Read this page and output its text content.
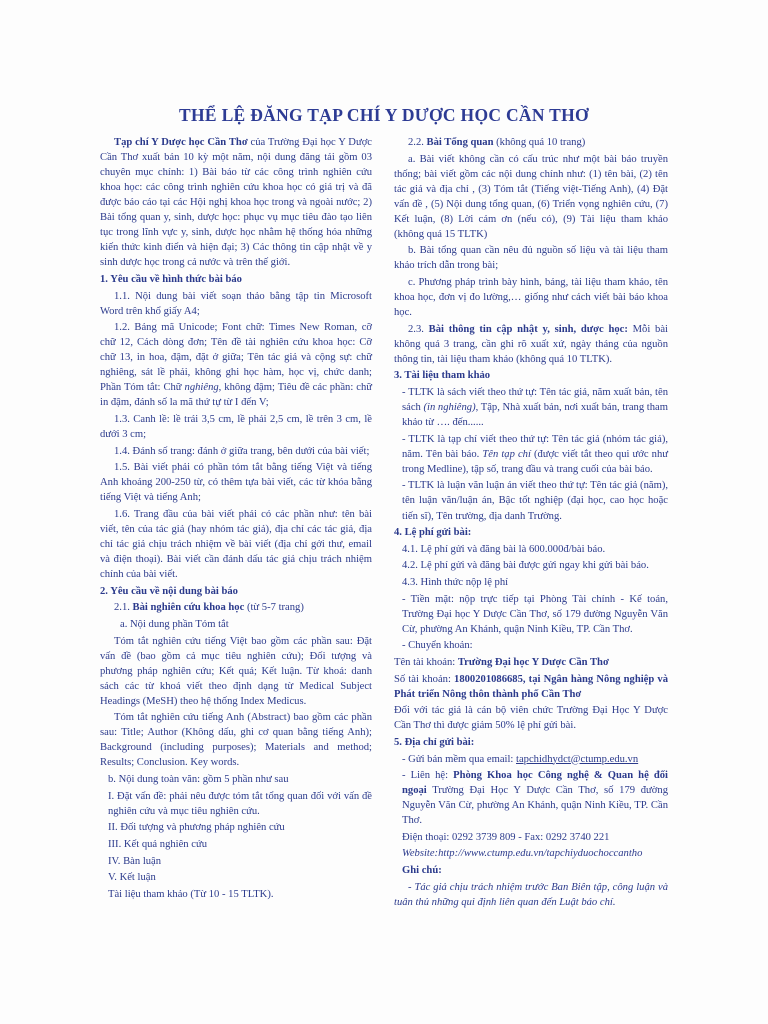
THỂ LỆ ĐĂNG TẠP CHÍ Y DƯỢC HỌC CẦN THƠ

Tạp chí Y Dược học Cần Thơ của Trường Đại học Y Dược Cần Thơ xuất bản 10 kỳ một năm, nội dung đăng tải gồm 03 chuyên mục chính: 1) Bài báo từ các công trình nghiên cứu khoa học: các công trình nghiên cứu khoa học có giá trị và đã được báo cáo tại các Hội nghị khoa học trong và ngoài nước; 2) Bài tổng quan y, sinh, dược học: phục vụ mục tiêu đào tạo liên tục trong lĩnh vực y, sinh, dược học nhằm hệ thống hóa những kiến thức kinh điển và hiện đại; 3) Các thông tin cập nhật về y sinh dược học trong cả nước và trên thế giới.

1. Yêu cầu về hình thức bài báo

1.1. Nội dung bài viết soạn thảo bằng tập tin Microsoft Word trên khổ giấy A4;

1.2. Bảng mã Unicode; Font chữ: Times New Roman, cỡ chữ 12, Cách dòng đơn; Tên đề tài nghiên cứu khoa học: Cỡ chữ 13, in hoa, đậm, đặt ở giữa; Tên tác giả và cộng sự: chữ nghiêng, sát lề phải, không ghi học hàm, học vị, chức danh; Phần Tóm tắt: Chữ nghiêng, không đậm; Tiêu đề các phần: chữ in đậm, đánh số la mã thứ tự từ I đến V;

1.3. Canh lề: lề trái 3,5 cm, lề phải 2,5 cm, lề trên 3 cm, lề dưới 3 cm;

1.4. Đánh số trang: đánh ở giữa trang, bên dưới của bài viết;

1.5. Bài viết phải có phần tóm tắt bằng tiếng Việt và tiếng Anh khoảng 200-250 từ, có thêm tựa bài viết, các từ khóa bằng tiếng Việt và tiếng Anh;

1.6. Trang đầu của bài viết phải có các phần như: tên bài viết, tên của tác giả (hay nhóm tác giả), địa chỉ các tác giả, địa chỉ tác giả chịu trách nhiệm về bài viết (địa chỉ gởi thư, email và điện thoại). Bài viết cần đánh dấu tác giả chịu trách nhiệm chính của bài viết.

2. Yêu cầu về nội dung bài báo

2.1. Bài nghiên cứu khoa học (từ 5-7 trang)

a. Nội dung phần Tóm tắt

Tóm tắt nghiên cứu tiếng Việt bao gồm các phần sau: Đặt vấn đề (bao gồm cả mục tiêu nghiên cứu); Đối tượng và phương pháp nghiên cứu; Kết quả; Kết luận. Từ khoá: danh sách các từ khoá viết theo định dạng từ Medical Subject Headings (MeSH) theo hệ thống Index Medicus.

Tóm tắt nghiên cứu tiếng Anh (Abstract) bao gồm các phần sau: Title; Author (Không dấu, ghi cơ quan bằng tiếng Anh); Background (including purposes); Materials and method; Results; Conclusion. Key words.

b. Nội dung toàn văn: gồm 5 phần như sau

I. Đặt vấn đề: phải nêu được tóm tắt tổng quan đối với vấn đề nghiên cứu và mục tiêu nghiên cứu.

II. Đối tượng và phương pháp nghiên cứu

III. Kết quả nghiên cứu

IV. Bàn luận

V. Kết luận

Tài liệu tham khảo (Từ 10 - 15 TLTK).

2.2. Bài Tổng quan (không quá 10 trang)

a. Bài viết không cần có cấu trúc như một bài báo truyền thống; bài viết gồm các nội dung chính như: (1) tên bài, (2) tên tác giả và địa chỉ , (3) Tóm tắt (Tiếng việt-Tiếng Anh), (4) Đặt vấn đề , (5) Nội dung tổng quan, (6) Triển vọng nghiên cứu, (7) Kết luận, (8) Lời cảm ơn (nếu có), (9) Tài liệu tham khảo (không quá 15 TLTK)

b. Bài tổng quan cần nêu đủ nguồn số liệu và tài liệu tham khảo trích dẫn trong bài;

c. Phương pháp trình bày hình, bảng, tài liệu tham khảo, tên khoa học, đơn vị đo lường,… giống như cách viết bài báo khoa học.

2.3. Bài thông tin cập nhật y, sinh, dược học: Mỗi bài không quá 3 trang, cần ghi rõ xuất xứ, ngày tháng của nguồn thông tin, tài liệu tham khảo (không quá 10 TLTK).

3. Tài liệu tham khảo

- TLTK là sách viết theo thứ tự: Tên tác giả, năm xuất bản, tên sách (in nghiêng), Tập, Nhà xuất bản, nơi xuất bản, trang tham khảo từ …. đến......

- TLTK là tạp chí viết theo thứ tự: Tên tác giả (nhóm tác giả), năm. Tên bài báo. Tên tạp chí (được viết tắt theo qui ước như trong Medline), tập số, trang đầu và trang cuối của bài báo.

- TLTK là luận văn luận án viết theo thứ tự: Tên tác giả (năm), tên luận văn/luận án, Bậc tốt nghiệp (đại học, cao học hoặc tiến sĩ), Tên trường, địa danh Trường.

4. Lệ phí gửi bài:

4.1. Lệ phí gửi và đăng bài là 600.000đ/bài báo.

4.2. Lệ phí gửi và đăng bài được gửi ngay khi gửi bài báo.

4.3. Hình thức nộp lệ phí

- Tiền mặt: nộp trực tiếp tại Phòng Tài chính - Kế toán, Trường Đại học Y Dược Cần Thơ, số 179 đường Nguyễn Văn Cừ, phường An Khánh, quận Ninh Kiều, TP. Cần Thơ.

- Chuyển khoản:

Tên tài khoản: Trường Đại học Y Dược Cần Thơ

Số tài khoản: 1800201086685, tại Ngân hàng Nông nghiệp và Phát triển Nông thôn thành phố Cần Thơ

Đối với tác giả là cán bộ viên chức Trường Đại Học Y Dược Cần Thơ thì được giảm 50% lệ phí gửi bài.

5. Địa chỉ gửi bài:

- Gửi bản mềm qua email: tapchidhydct@ctump.edu.vn

- Liên hệ: Phòng Khoa học Công nghệ & Quan hệ đối ngoại Trường Đại Học Y Dược Cần Thơ, số 179 đường Nguyễn Văn Cừ, phường An Khánh, quận Ninh Kiều, TP. Cần Thơ.

Điện thoại: 0292 3739 809 - Fax: 0292 3740 221

Website:http://www.ctump.edu.vn/tapchiyduochoccantho

Ghi chú:

- Tác giả chịu trách nhiệm trước Ban Biên tập, công luận và tuân thủ những qui định liên quan đến Luật báo chí.
